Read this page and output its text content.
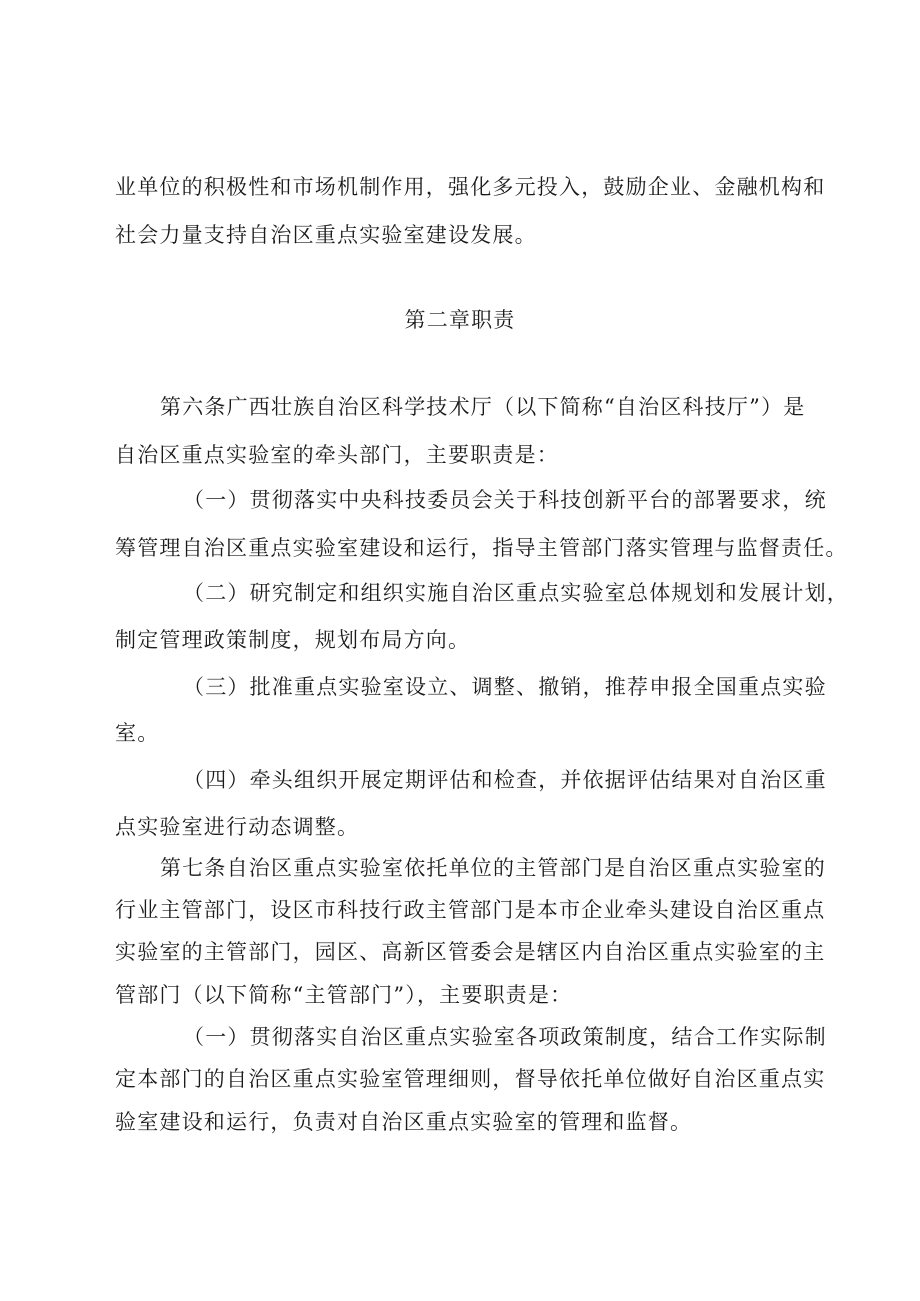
业单位的积极性和市场机制作用，强化多元投入，鼓励企业、金融机构和
社会力量支持自治区重点实验室建设发展。
第二章职责
第六条广西壮族自治区科学技术厅（以下简称“自治区科技厅”）是
自治区重点实验室的牵头部门，主要职责是：
（一）贯彻落实中央科技委员会关于科技创新平台的部署要求，统
筹管理自治区重点实验室建设和运行，指导主管部门落实管理与监督责任。
（二）研究制定和组织实施自治区重点实验室总体规划和发展计划，
制定管理政策制度，规划布局方向。
（三）批准重点实验室设立、调整、撤销，推荐申报全国重点实验
室。
（四）牵头组织开展定期评估和检查，并依据评估结果对自治区重
点实验室进行动态调整。
第七条自治区重点实验室依托单位的主管部门是自治区重点实验室的
行业主管部门，设区市科技行政主管部门是本市企业牵头建设自治区重点
实验室的主管部门，园区、高新区管委会是辖区内自治区重点实验室的主
管部门（以下简称“主管部门”），主要职责是：
（一）贯彻落实自治区重点实验室各项政策制度，结合工作实际制
定本部门的自治区重点实验室管理细则，督导依托单位做好自治区重点实
验室建设和运行，负责对自治区重点实验室的管理和监督。
